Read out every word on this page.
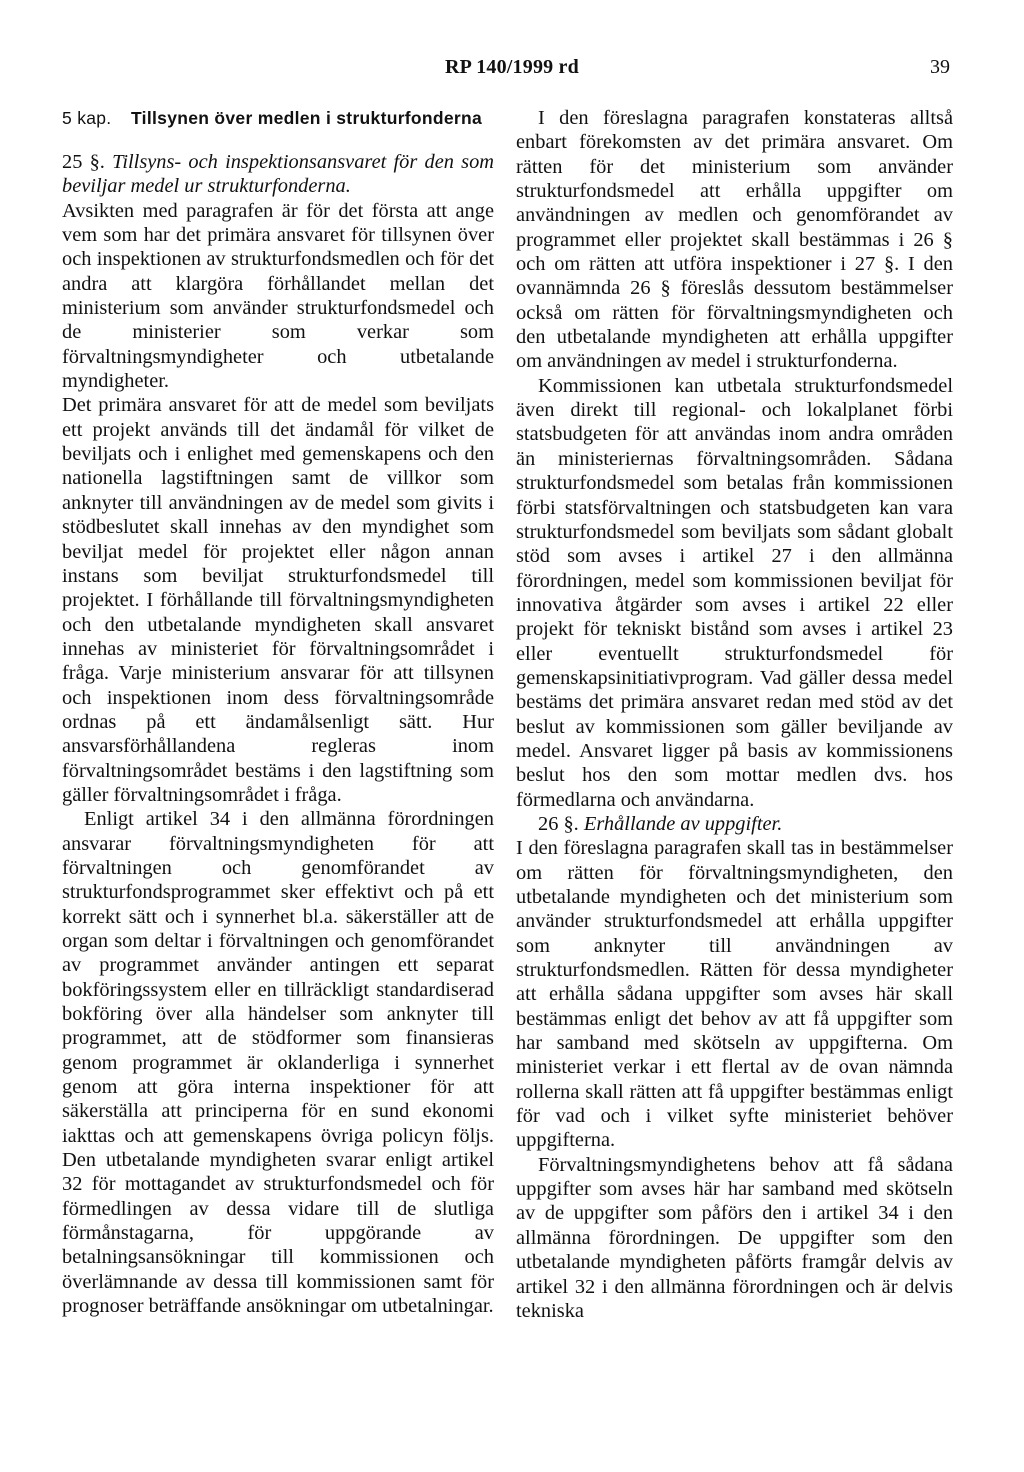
RP 140/1999 rd	39
5 kap.	Tillsynen över medlen i strukturfonderna

25 §. Tillsyns- och inspektionsansvaret för den som beviljar medel ur strukturfonderna.

Avsikten med paragrafen är för det första att ange vem som har det primära ansvaret för tillsynen över och inspektionen av strukturfondsmedlen och för det andra att klargöra förhållandet mellan det ministerium som använder strukturfondsmedel och de ministerier som verkar som förvaltningsmyndigheter och utbetalande myndigheter.

Det primära ansvaret för att de medel som beviljats ett projekt används till det ändamål för vilket de beviljats och i enlighet med gemenskapens och den nationella lagstiftningen samt de villkor som anknyter till användningen av de medel som givits i stödbeslutet skall innehas av den myndighet som beviljat medel för projektet eller någon annan instans som beviljat strukturfondsmedel till projektet. I förhållande till förvaltningsmyndigheten och den utbetalande myndigheten skall ansvaret innehas av ministeriet för förvaltningsområdet i fråga. Varje ministerium ansvarar för att tillsynen och inspektionen inom dess förvaltningsområde ordnas på ett ändamålsenligt sätt. Hur ansvarsförhållandena regleras inom förvaltningsområdet bestäms i den lagstiftning som gäller förvaltningsområdet i fråga.

Enligt artikel 34 i den allmänna förordningen ansvarar förvaltningsmyndigheten för att förvaltningen och genomförandet av strukturfondsprogrammet sker effektivt och på ett korrekt sätt och i synnerhet bl.a. säkerställer att de organ som deltar i förvaltningen och genomförandet av programmet använder antingen ett separat bokföringssystem eller en tillräckligt standardiserad bokföring över alla händelser som anknyter till programmet, att de stödformer som finansieras genom programmet är oklanderliga i synnerhet genom att göra interna inspektioner för att säkerställa att principerna för en sund ekonomi iakttas och att gemenskapens övriga policyn följs. Den utbetalande myndigheten svarar enligt artikel 32 för mottagandet av strukturfondsmedel och för förmedlingen av dessa vidare till de slutliga förmånstagarna, för uppgörande av betalningsansökningar till kommissionen och överlämnande av dessa till kommissionen samt för prognoser beträffande ansökningar om utbetalningar.

I den föreslagna paragrafen konstateras alltså enbart förekomsten av det primära ansvaret. Om rätten för det ministerium som använder strukturfondsmedel att erhålla uppgifter om användningen av medlen och genomförandet av programmet eller projektet skall bestämmas i 26 § och om rätten att utföra inspektioner i 27 §. I den ovannämnda 26 § föreslås dessutom bestämmelser också om rätten för förvaltningsmyndigheten och den utbetalande myndigheten att erhålla uppgifter om användningen av medel i strukturfonderna.

Kommissionen kan utbetala strukturfondsmedel även direkt till regional- och lokalplanet förbi statsbudgeten för att användas inom andra områden än ministeriernas förvaltningsområden. Sådana strukturfondsmedel som betalas från kommissionen förbi statsförvaltningen och statsbudgeten kan vara strukturfondsmedel som beviljats som sådant globalt stöd som avses i artikel 27 i den allmänna förordningen, medel som kommissionen beviljat för innovativa åtgärder som avses i artikel 22 eller projekt för tekniskt bistånd som avses i artikel 23 eller eventuellt strukturfondsmedel för gemenskapsinitiativprogram. Vad gäller dessa medel bestäms det primära ansvaret redan med stöd av det beslut av kommissionen som gäller beviljande av medel. Ansvaret ligger på basis av kommissionens beslut hos den som mottar medlen dvs. hos förmedlarna och användarna.

26 §. Erhållande av uppgifter.

I den föreslagna paragrafen skall tas in bestämmelser om rätten för förvaltningsmyndigheten, den utbetalande myndigheten och det ministerium som använder strukturfondsmedel att erhålla uppgifter som anknyter till användningen av strukturfondsmedlen. Rätten för dessa myndigheter att erhålla sådana uppgifter som avses här skall bestämmas enligt det behov av att få uppgifter som har samband med skötseln av uppgifterna. Om ministeriet verkar i ett flertal av de ovan nämnda rollerna skall rätten att få uppgifter bestämmas enligt för vad och i vilket syfte ministeriet behöver uppgifterna.

Förvaltningsmyndighetens behov att få sådana uppgifter som avses här har samband med skötseln av de uppgifter som påförs den i artikel 34 i den allmänna förordningen. De uppgifter som den utbetalande myndigheten påförts framgår delvis av artikel 32 i den allmänna förordningen och är delvis tekniska
